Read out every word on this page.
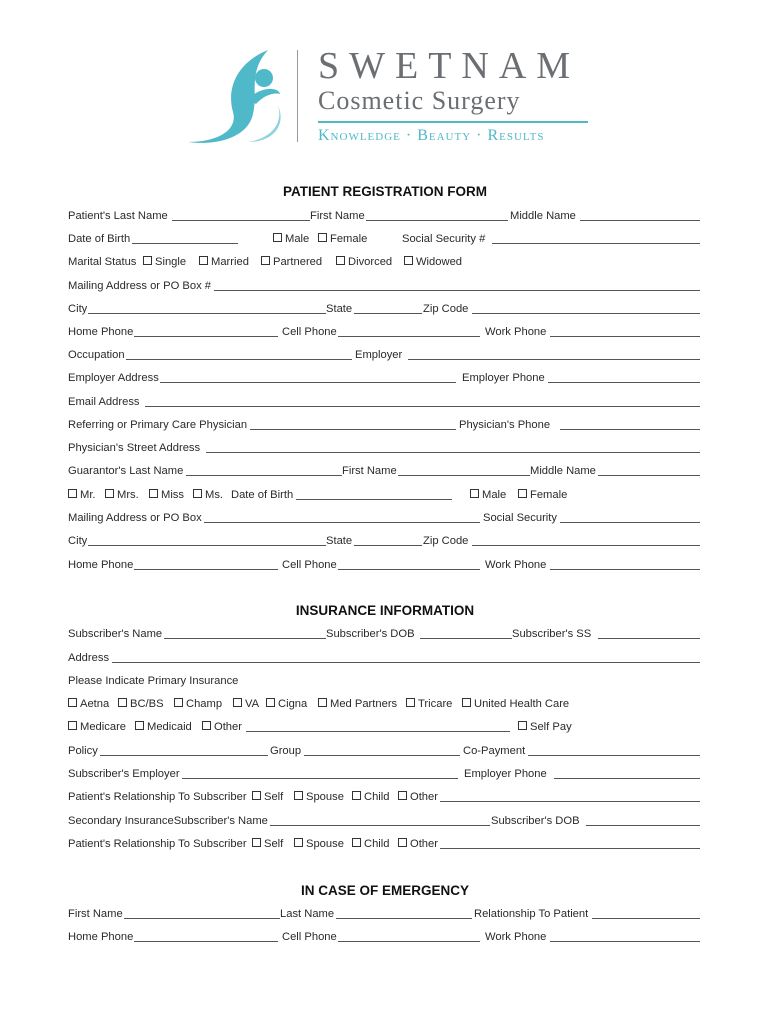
SWETNAM
Cosmetic Surgery
Knowledge · Beauty · Results
PATIENT REGISTRATION FORM
Patient's Last Name	First Name	Middle Name
Date of Birth	Male	Female	Social Security #
Marital Status	Single	Married	Partnered	Divorced	Widowed
Mailing Address or PO Box #
City	State	Zip Code
Home Phone	Cell Phone	Work Phone
Occupation	Employer
Employer Address	Employer Phone
Email Address
Referring or Primary Care Physician	Physician's Phone
Physician's Street Address
Guarantor's Last Name	First Name	Middle Name
Mr.	Mrs.	Miss	Ms. Date of Birth	Male	Female
Mailing Address or PO Box	Social Security
City	State	Zip Code
Home Phone	Cell Phone	Work Phone
INSURANCE INFORMATION
Subscriber's Name	Subscriber's DOB	Subscriber's SS
Address
Please Indicate Primary Insurance
Aetna	BC/BS	Champ	VA	Cigna	Med Partners	Tricare	United Health Care
Medicare	Medicaid	Other	Self Pay
Policy	Group	Co-Payment
Subscriber's Employer	Employer Phone
Patient's Relationship To Subscriber	Self	Spouse	Child	Other
Secondary InsuranceSubscriber's Name	Subscriber's DOB
Patient's Relationship To Subscriber	Self	Spouse	Child	Other
IN CASE OF EMERGENCY
First Name	Last Name	Relationship To Patient
Home Phone	Cell Phone	Work Phone
